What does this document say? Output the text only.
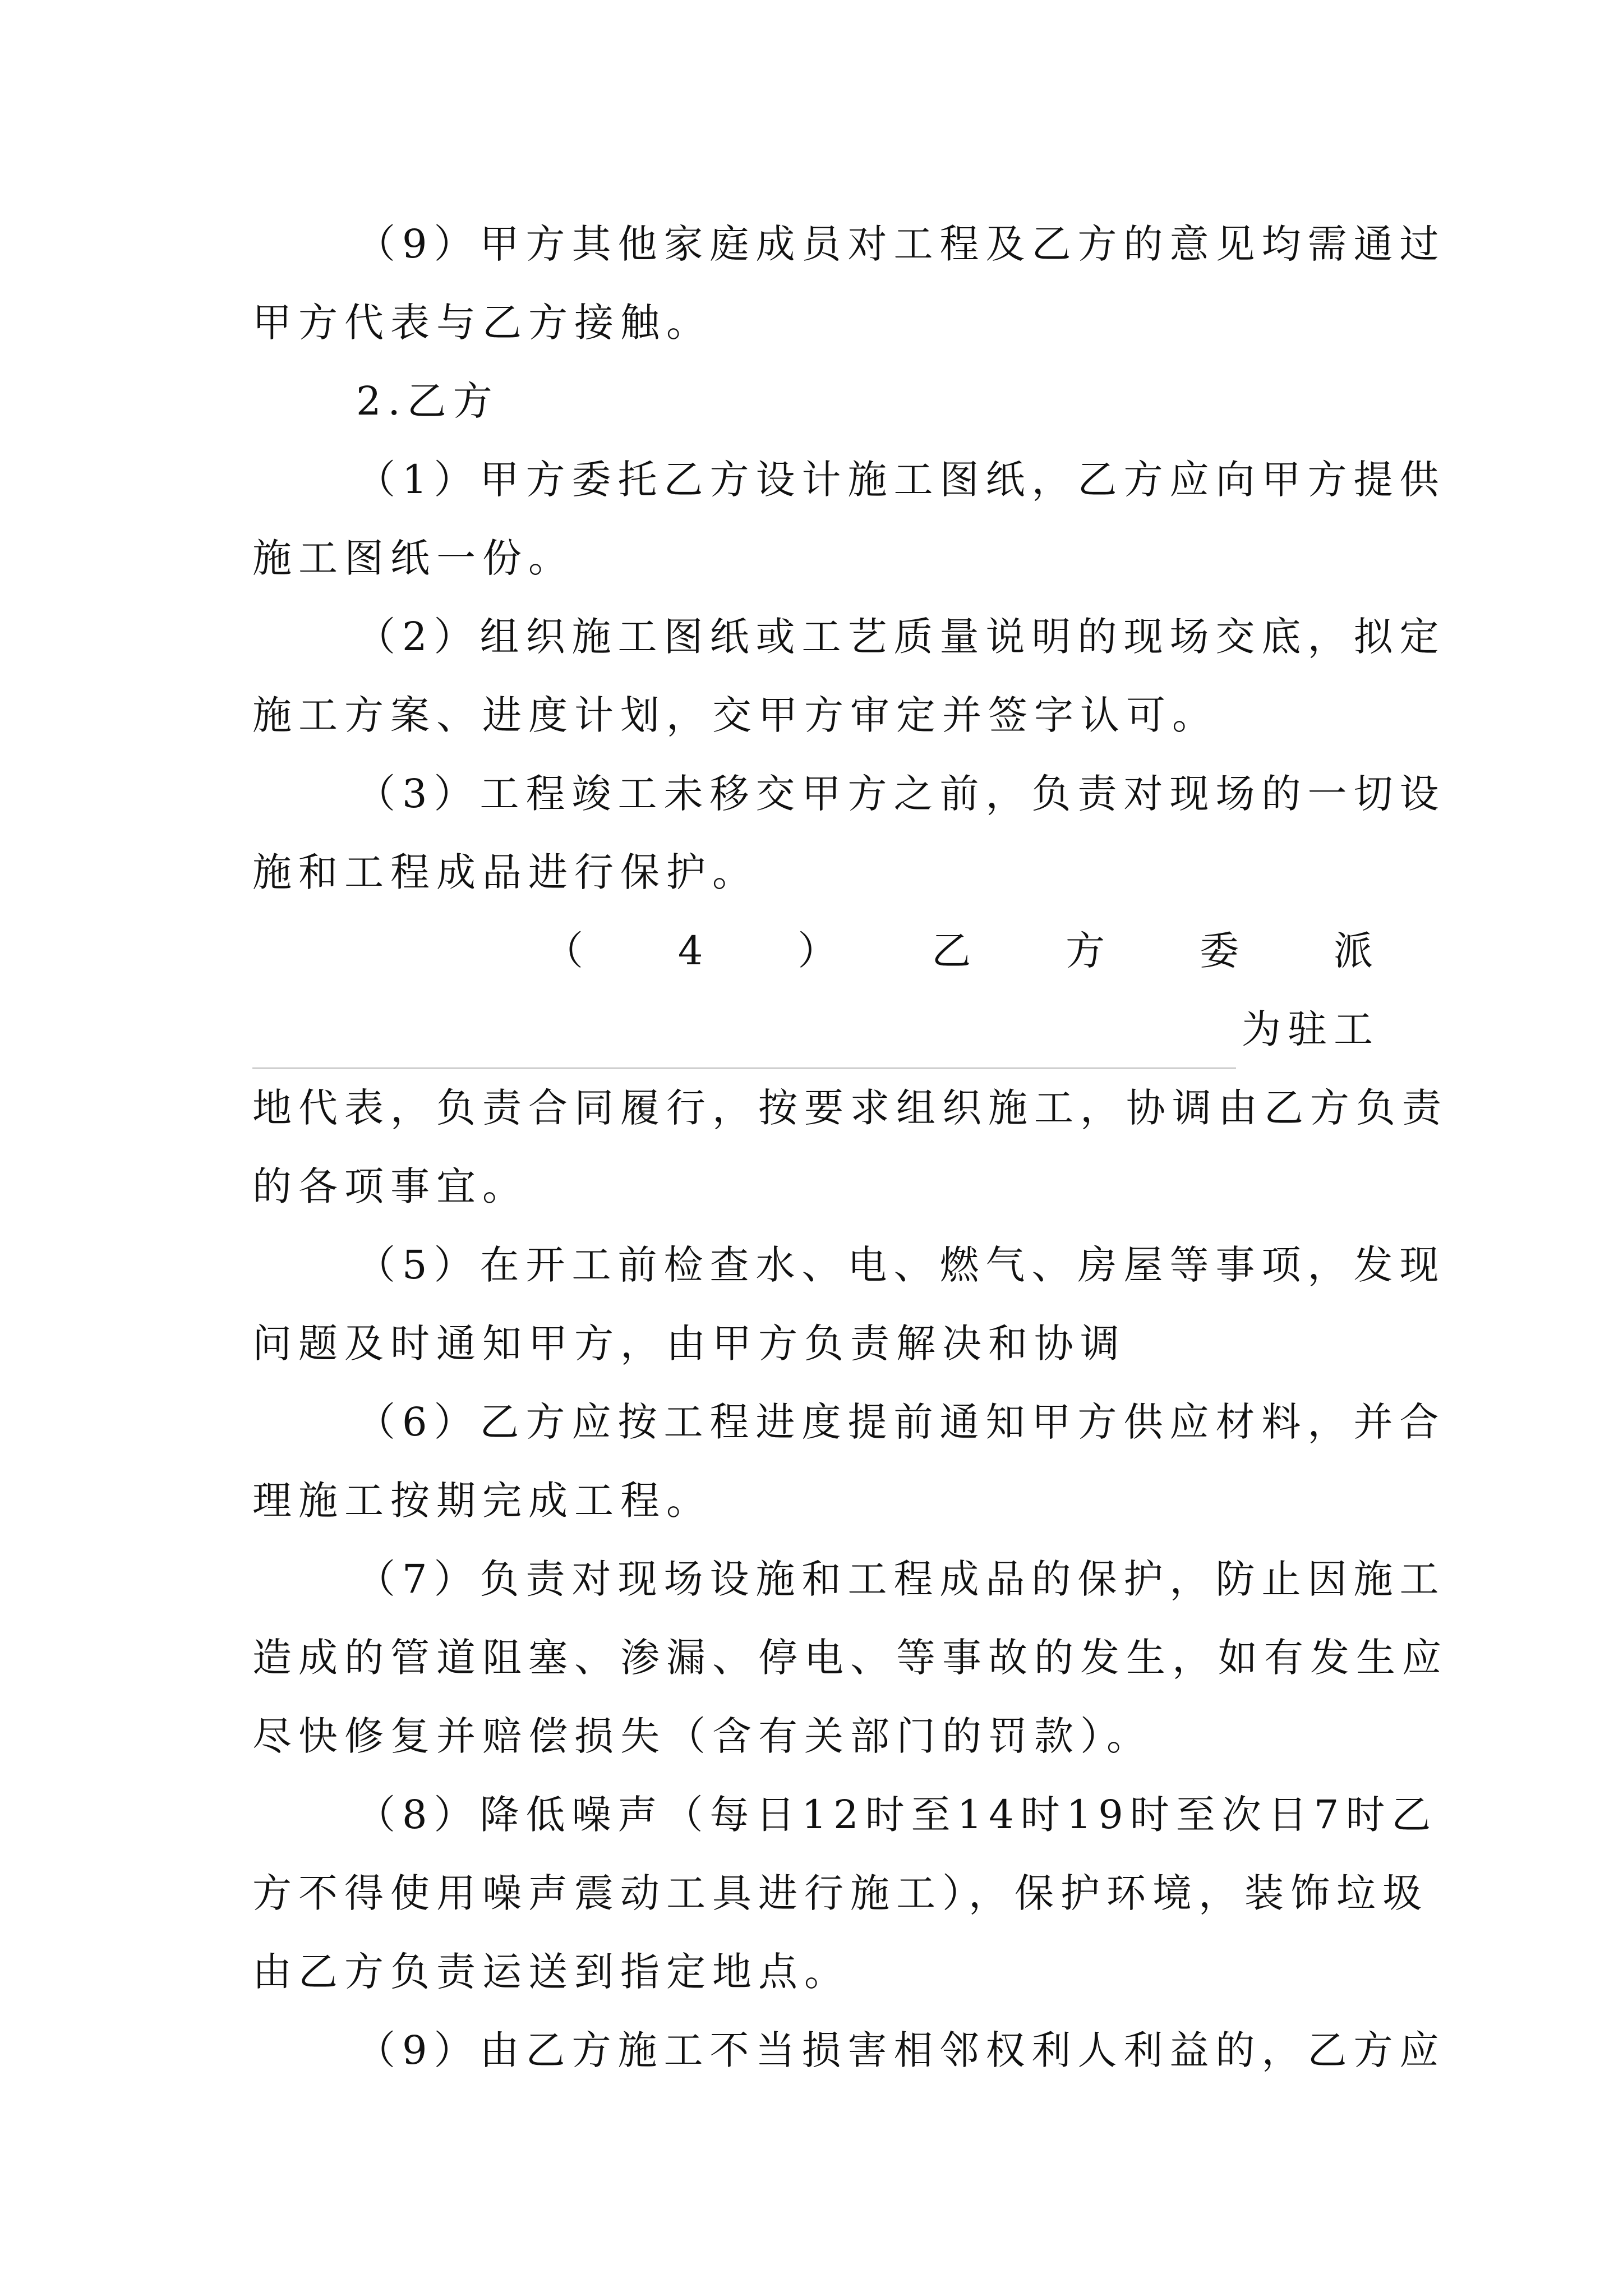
（9）甲方其他家庭成员对工程及乙方的意见均需通过
甲方代表与乙方接触。
2.乙方
（1）甲方委托乙方设计施工图纸，乙方应向甲方提供
施工图纸一份。
（2）组织施工图纸或工艺质量说明的现场交底，拟定
施工方案、进度计划，交甲方审定并签字认可。
（3）工程竣工未移交甲方之前，负责对现场的一切设
施和工程成品进行保护。
（ 4 ） 乙 方 委 派
为驻工
地代表，负责合同履行，按要求组织施工，协调由乙方负责
的各项事宜。
（5）在开工前检查水、电、燃气、房屋等事项，发现
问题及时通知甲方，由甲方负责解决和协调
（6）乙方应按工程进度提前通知甲方供应材料，并合
理施工按期完成工程。
（7）负责对现场设施和工程成品的保护，防止因施工
造成的管道阻塞、渗漏、停电、等事故的发生，如有发生应
尽快修复并赔偿损失（含有关部门的罚款）。
（8）降低噪声（每日12时至14时19时至次日7时乙
方不得使用噪声震动工具进行施工），保护环境，装饰垃圾
由乙方负责运送到指定地点。
（9）由乙方施工不当损害相邻权利人利益的，乙方应
